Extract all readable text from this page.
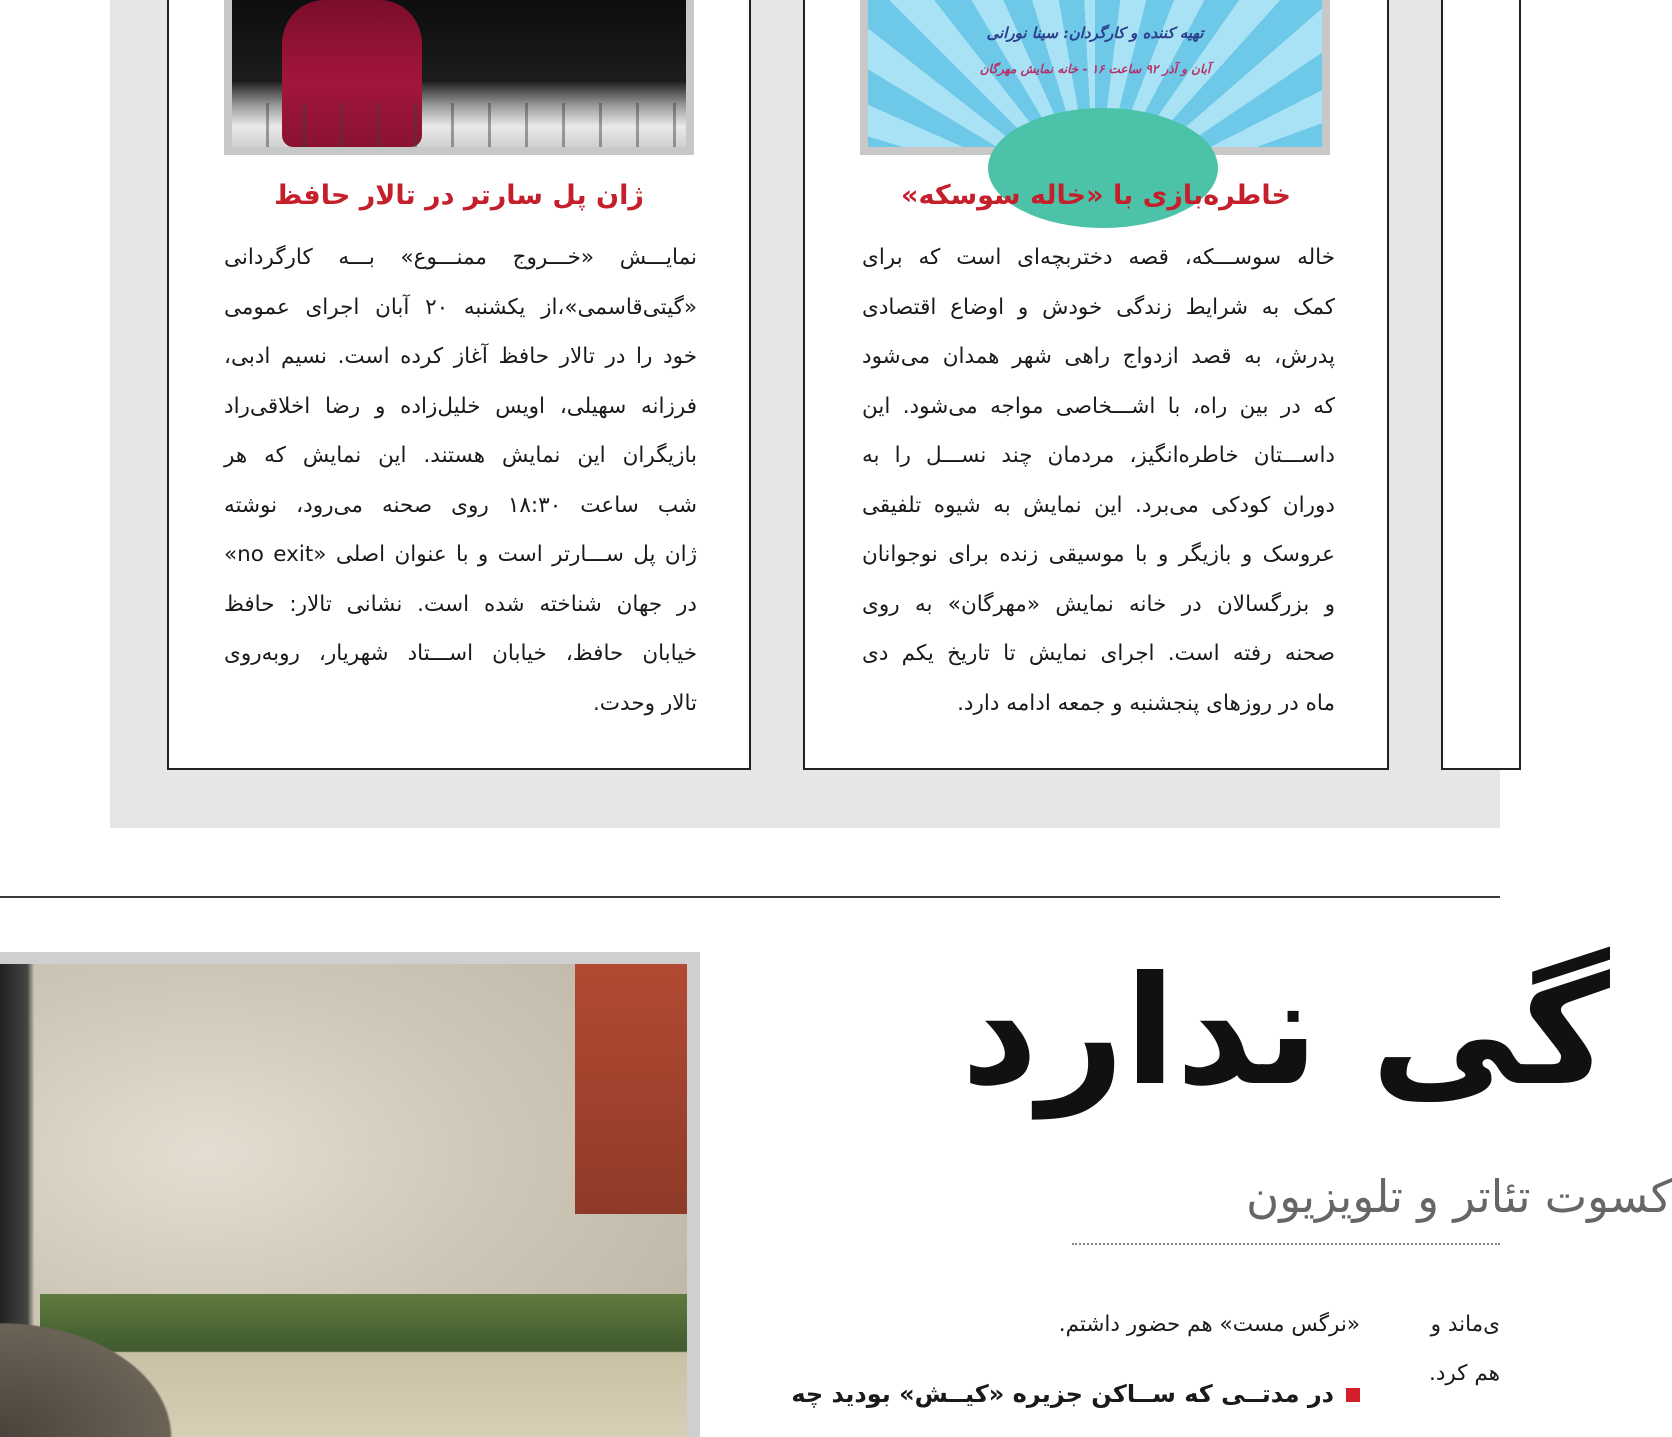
ژان پل سارتر در تالار حافظ
نمایـــش «خـــروج ممنـــوع» بـــه کارگردانی
«گیتی‌قاسمی»،از یکشنبه ۲۰ آبان اجرای عمومی
خود را در تالار حافظ آغاز کرده است. نسیم ادبی،
فرزانه سهیلی، اویس خلیل‌زاده و رضا اخلاقی‌راد
بازیگران این نمایش هستند. این نمایش که هر
شب ساعت ۱۸:۳۰ روی صحنه می‌رود، نوشته
ژان پل ســـارتر است و با عنوان اصلی «no exit»
در جهان شناخته شده است. نشانی تالار: حافظ
خیابان حافظ، خیابان اســـتاد شهریار، روبه‌روی
تالار وحدت.
تهیه کننده و کارگردان: سینا نورانی
آبان و آذر ۹۲ ساعت ۱۶ - خانه نمایش مهرگان
خاطره‌بازی با «خاله سوسکه»
خاله سوســـکه، قصه دختربچه‌ای است که برای
کمک به شرایط زندگی خودش و اوضاع اقتصادی
پدرش، به قصد ازدواج راهی شهر همدان می‌شود
که در بین راه، با اشـــخاصی مواجه می‌شود. این
داســـتان خاطره‌انگیز، مردمان چند نســـل را به
دوران کودکی می‌برد. این نمایش به شیوه تلفیقی
عروسک و بازیگر و با موسیقی زنده برای نوجوانان
و بزرگسالان در خانه نمایش «مهرگان» به روی
صحنه رفته است. اجرای نمایش تا تاریخ یکم دی
ماه در روزهای پنجشنبه و جمعه ادامه دارد.
گی ندارد
کسوت تئاتر و تلویزیون
«نرگس مست» هم حضور داشتم.	ی‌ماند و
هم کرد.
در مدتــی که ســاکن جزیره «کیــش» بودید چه
